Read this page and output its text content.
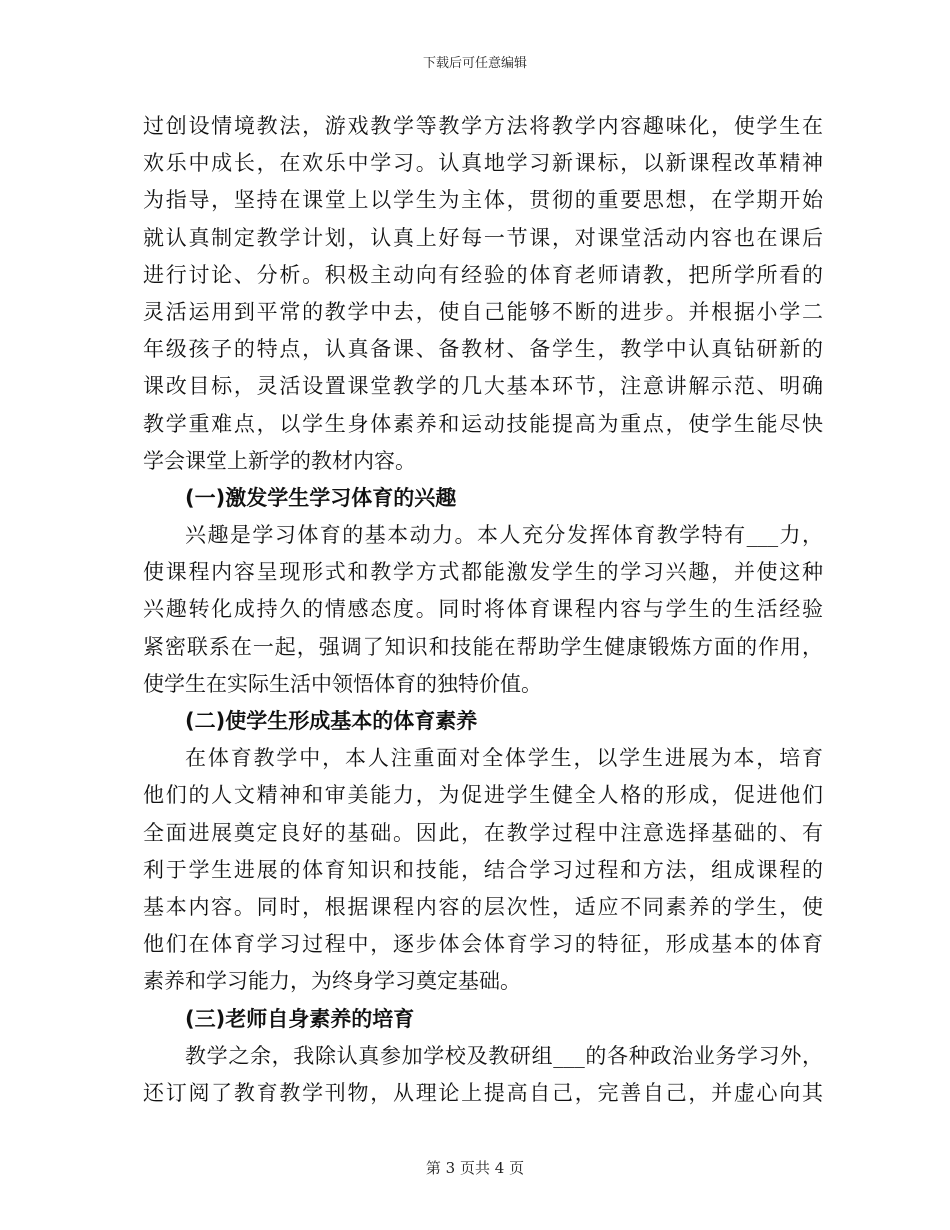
下载后可任意编辑

过创设情境教法，游戏教学等教学方法将教学内容趣味化，使学生在

欢乐中成长，在欢乐中学习。认真地学习新课标，以新课程改革精神

为指导，坚持在课堂上以学生为主体，贯彻的重要思想，在学期开始

就认真制定教学计划，认真上好每一节课，对课堂活动内容也在课后

进行讨论、分析。积极主动向有经验的体育老师请教，把所学所看的

灵活运用到平常的教学中去，使自己能够不断的进步。并根据小学二

年级孩子的特点，认真备课、备教材、备学生，教学中认真钻研新的

课改目标，灵活设置课堂教学的几大基本环节，注意讲解示范、明确

教学重难点，以学生身体素养和运动技能提高为重点，使学生能尽快

学会课堂上新学的教材内容。

(一)激发学生学习体育的兴趣

兴趣是学习体育的基本动力。本人充分发挥体育教学特有___力，

使课程内容呈现形式和教学方式都能激发学生的学习兴趣，并使这种

兴趣转化成持久的情感态度。同时将体育课程内容与学生的生活经验

紧密联系在一起，强调了知识和技能在帮助学生健康锻炼方面的作用，

使学生在实际生活中领悟体育的独特价值。

(二)使学生形成基本的体育素养

在体育教学中，本人注重面对全体学生，以学生进展为本，培育

他们的人文精神和审美能力，为促进学生健全人格的形成，促进他们

全面进展奠定良好的基础。因此，在教学过程中注意选择基础的、有

利于学生进展的体育知识和技能，结合学习过程和方法，组成课程的

基本内容。同时，根据课程内容的层次性，适应不同素养的学生，使

他们在体育学习过程中，逐步体会体育学习的特征，形成基本的体育

素养和学习能力，为终身学习奠定基础。

(三)老师自身素养的培育

教学之余，我除认真参加学校及教研组___的各种政治业务学习外，

还订阅了教育教学刊物，从理论上提高自己，完善自己，并虚心向其

第 3 页共 4 页
